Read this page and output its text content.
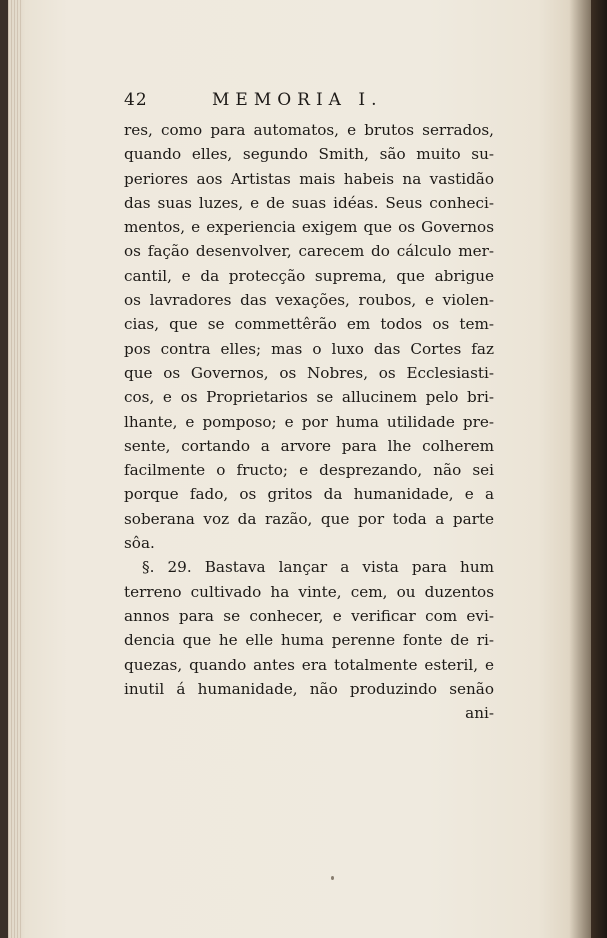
42	MEMORIA I.
res, como para automatos, e brutos serrados,
quando elles, segundo Smith, são muito su-
periores aos Artistas mais habeis na vastidão
das suas luzes, e de suas idéas. Seus conheci-
mentos, e experiencia exigem que os Governos
os fação desenvolver, carecem do cálculo mer-
cantil, e da protecção suprema, que abrigue
os lavradores das vexações, roubos, e violen-
cias, que se commettêrão em todos os tem-
pos contra elles; mas o luxo das Cortes faz
que os Governos, os Nobres, os Ecclesiasti-
cos, e os Proprietarios se allucinem pelo bri-
lhante, e pomposo; e por huma utilidade pre-
sente, cortando a arvore para lhe colherem
facilmente o fructo; e desprezando, não sei
porque fado, os gritos da humanidade, e a
soberana voz da razão, que por toda a parte
sôa.
§. 29. Bastava lançar a vista para hum
terreno cultivado ha vinte, cem, ou duzentos
annos para se conhecer, e verificar com evi-
dencia que he elle huma perenne fonte de ri-
quezas, quando antes era totalmente esteril, e
inutil á humanidade, não produzindo senão
ani-
